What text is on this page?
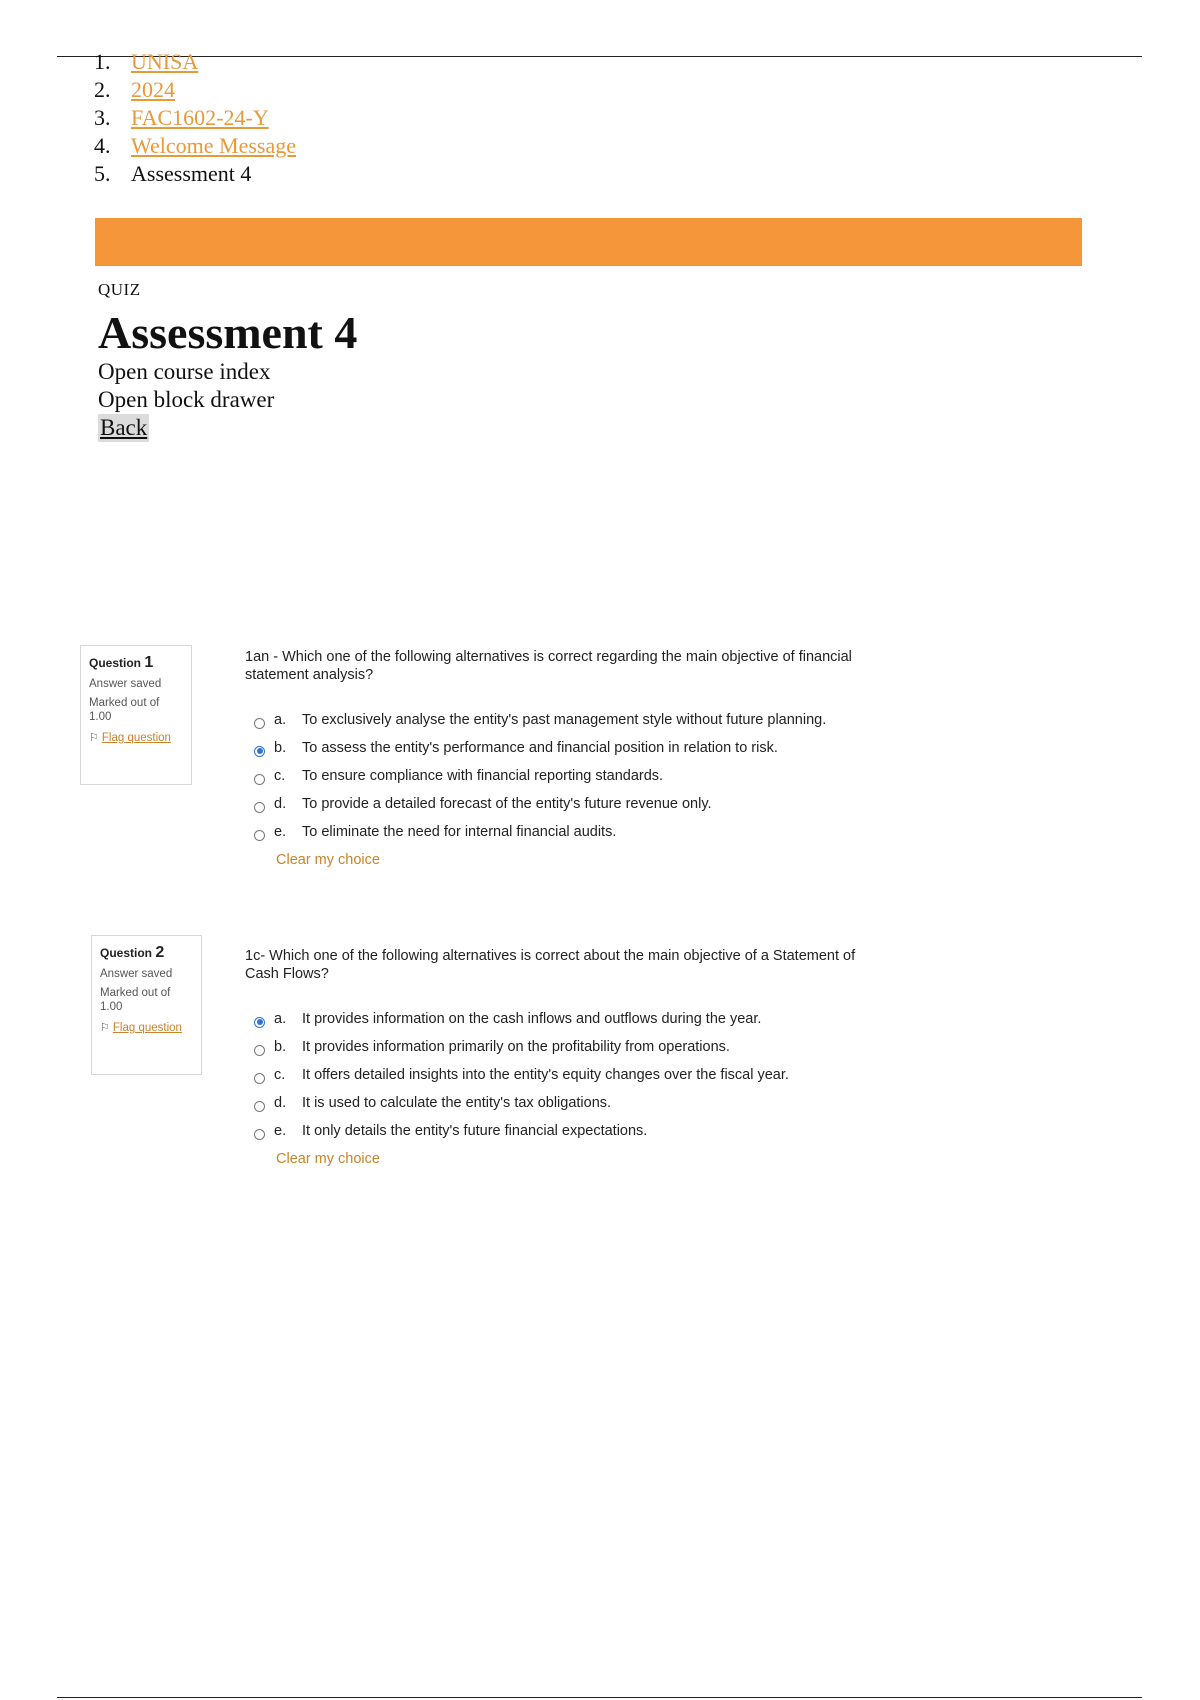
1. UNISA
2. 2024
3. FAC1602-24-Y
4. Welcome Message
5. Assessment 4
QUIZ
Assessment 4
Open course index
Open block drawer
Back
Question 1
Answer saved
Marked out of 1.00
⚐ Flag question
1an - Which one of the following alternatives is correct regarding the main objective of financial statement analysis?
a.	To exclusively analyse the entity's past management style without future planning.
b.	To assess the entity's performance and financial position in relation to risk.
c.	To ensure compliance with financial reporting standards.
d.	To provide a detailed forecast of the entity's future revenue only.
e.	To eliminate the need for internal financial audits.
Clear my choice
Question 2
Answer saved
Marked out of 1.00
⚐ Flag question
1c- Which one of the following alternatives is correct about the main objective of a Statement of Cash Flows?
a.	It provides information on the cash inflows and outflows during the year.
b.	It provides information primarily on the profitability from operations.
c.	It offers detailed insights into the entity's equity changes over the fiscal year.
d.	It is used to calculate the entity's tax obligations.
e.	It only details the entity's future financial expectations.
Clear my choice
